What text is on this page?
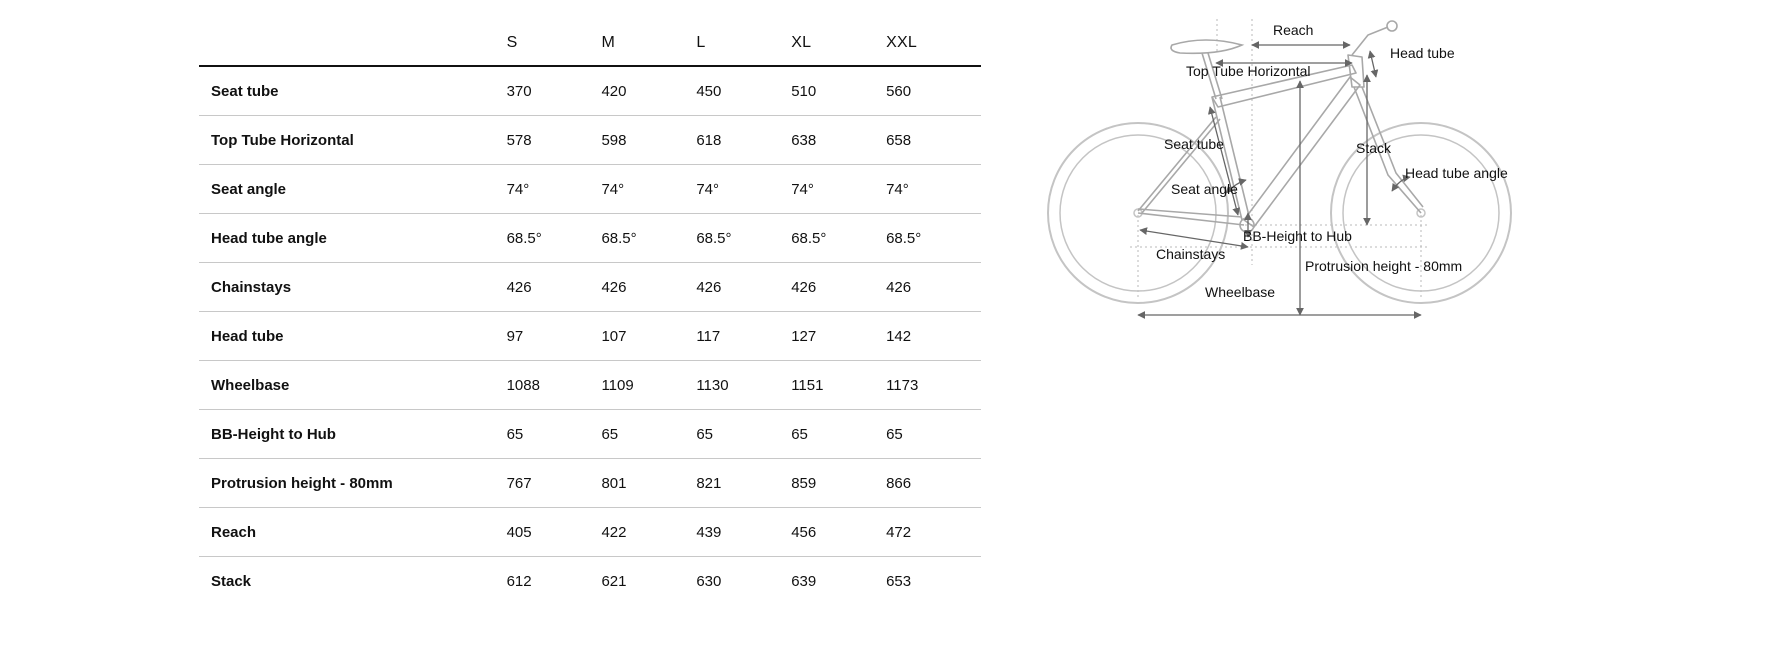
	S	M	L	XL	XXL
Seat tube	370	420	450	510	560
Top Tube Horizontal	578	598	618	638	658
Seat angle	74°	74°	74°	74°	74°
Head tube angle	68.5°	68.5°	68.5°	68.5°	68.5°
Chainstays	426	426	426	426	426
Head tube	97	107	117	127	142
Wheelbase	1088	1109	1130	1151	1173
BB-Height to Hub	65	65	65	65	65
Protrusion height - 80mm	767	801	821	859	866
Reach	405	422	439	456	472
Stack	612	621	630	639	653
Reach
Head tube
Top Tube Horizontal
Seat tube	Stack
Head tube angle
Seat angle
BB-Height to Hub
Chainstays
Protrusion height - 80mm
Wheelbase
